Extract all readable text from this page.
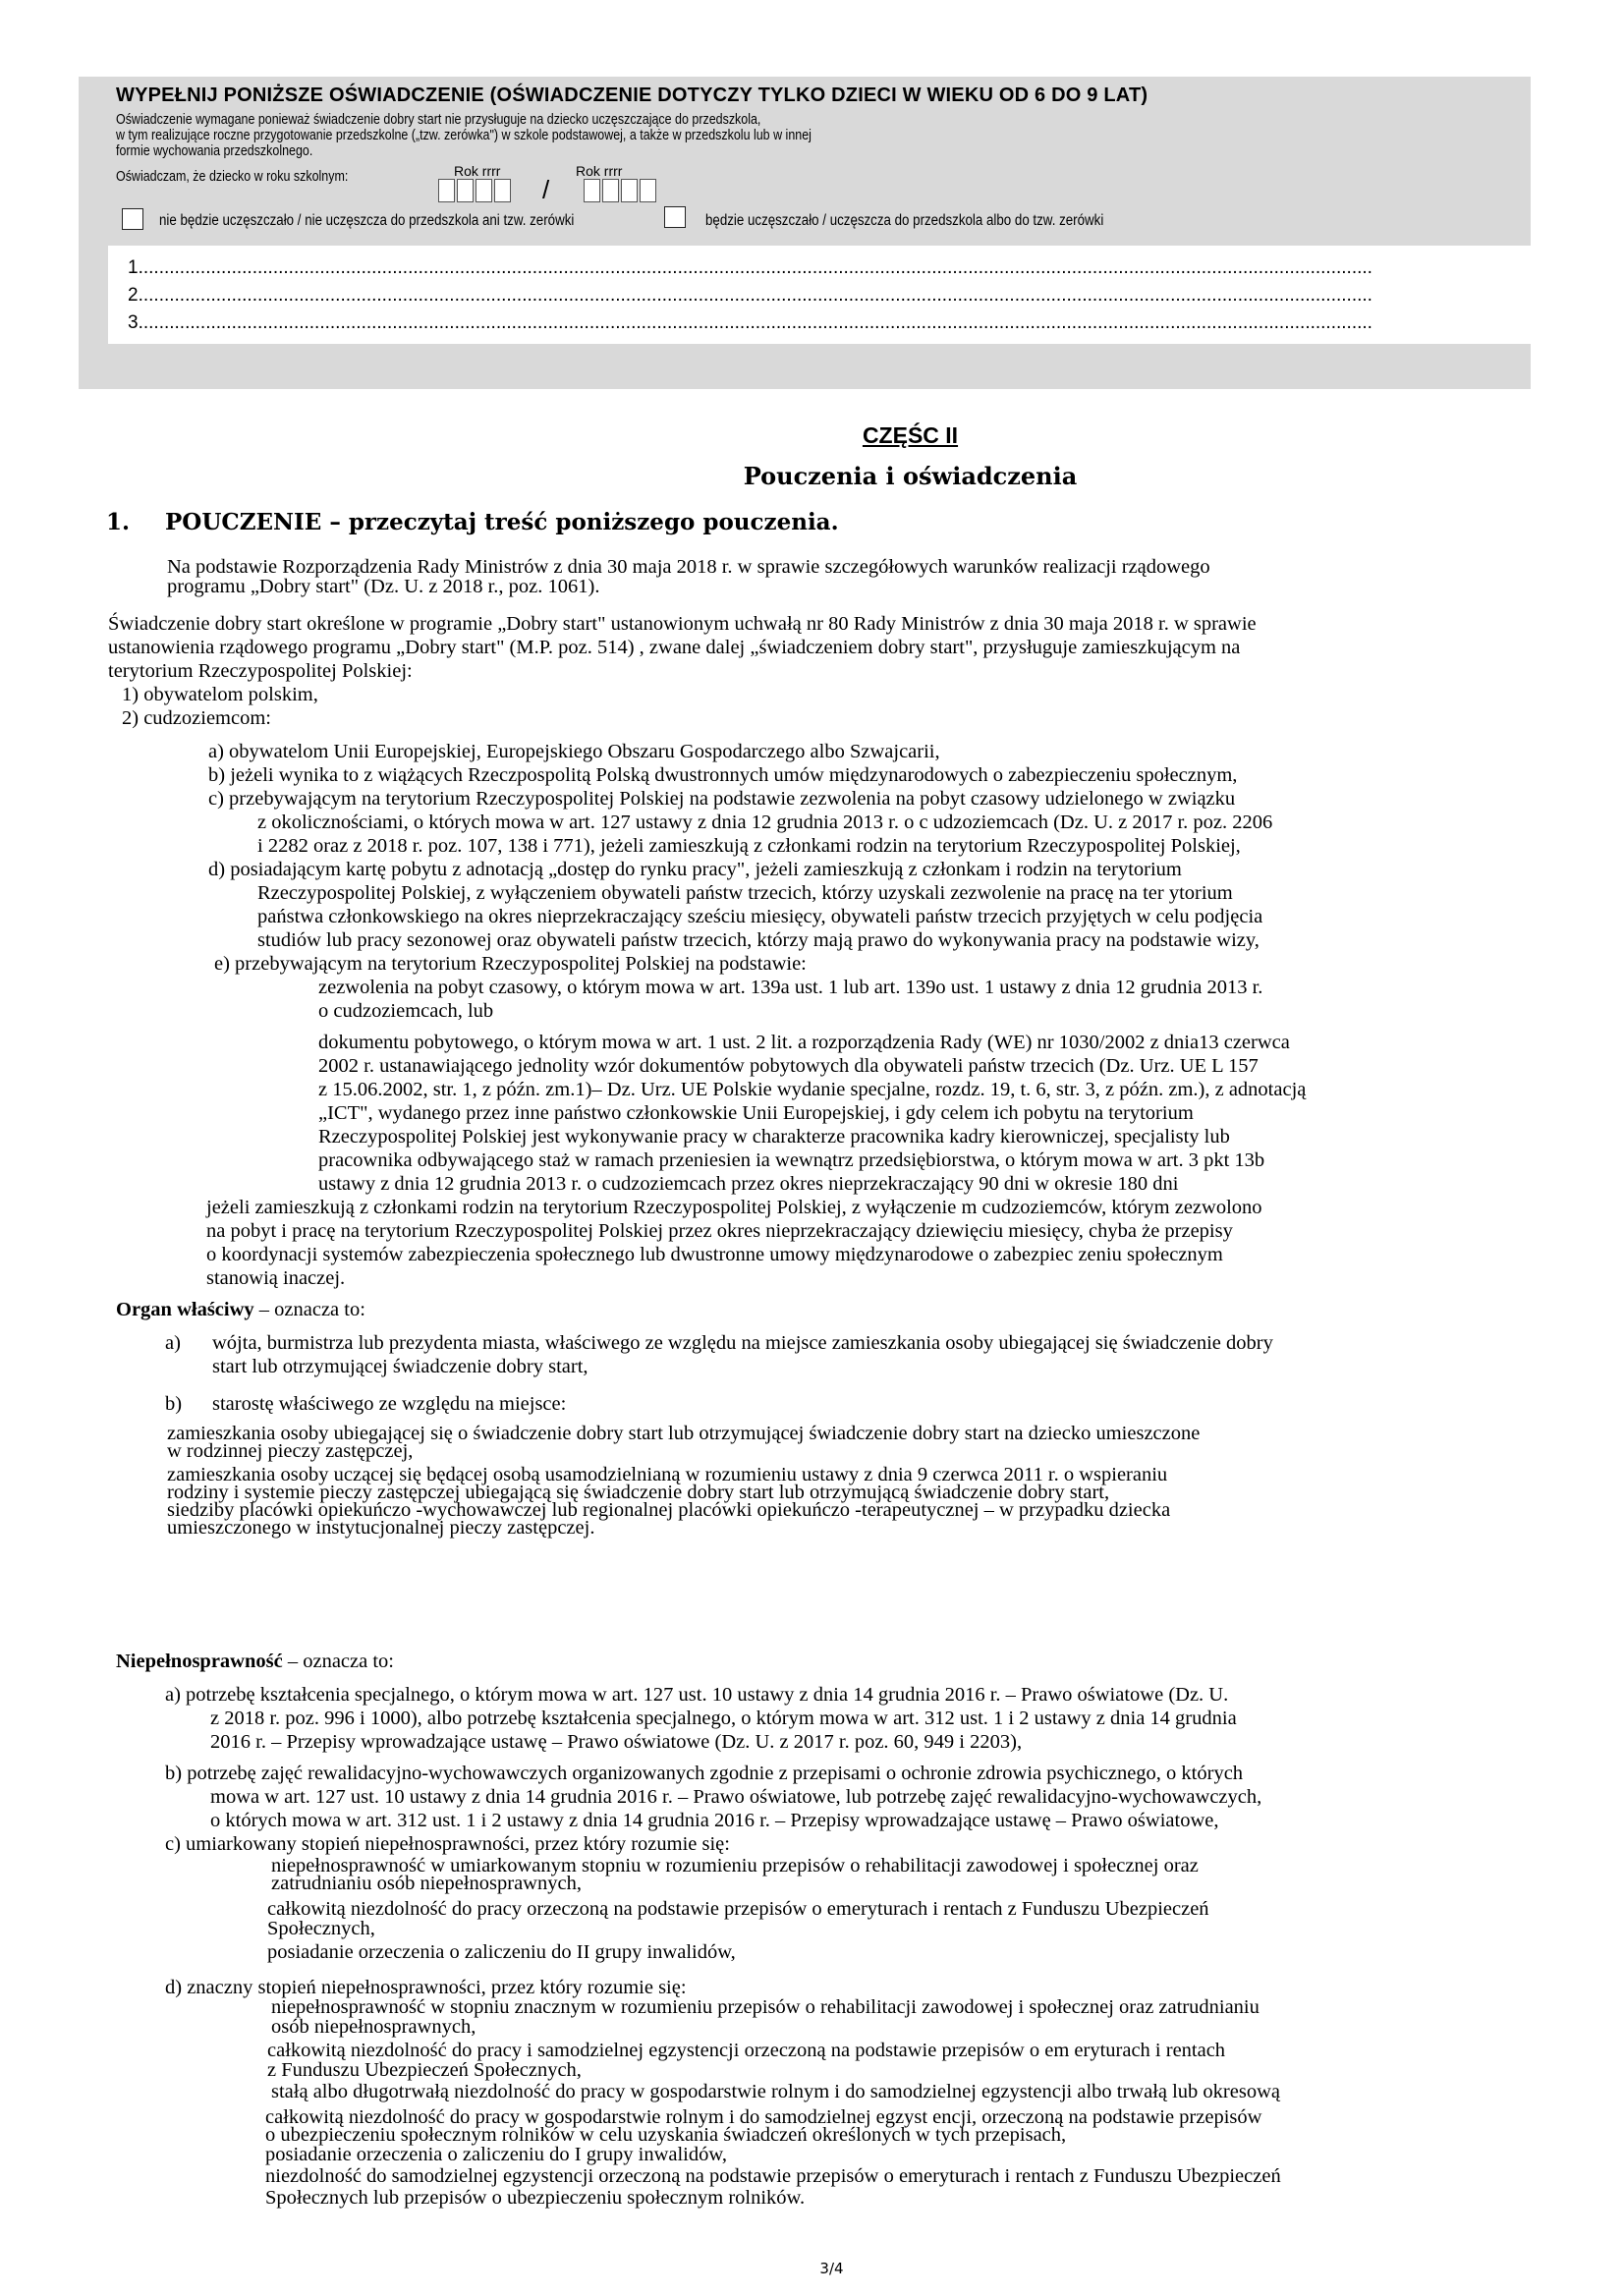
WYPEŁNIJ PONIŻSZE OŚWIADCZENIE (OŚWIADCZENIE DOTYCZY TYLKO DZIECI W WIEKU OD 6 DO 9 LAT)
Oświadczenie wymagane ponieważ świadczenie dobry start nie przysługuje na dziecko uczęszczające do przedszkola,
w tym realizujące roczne przygotowanie przedszkolne („tzw. zerówka") w szkole podstawowej, a także w przedszkolu lub w innej
formie wychowania przedszkolnego.
Oświadczam, że dziecko w roku szkolnym:	Rok rrrr
/
Rok rrrr
nie będzie uczęszczało / nie uczęszcza do przedszkola ani tzw. zerówki	będzie uczęszczało / uczęszcza do przedszkola albo do tzw. zerówki
1..............................................................................................................................................................................................................................................
2..............................................................................................................................................................................................................................................
3..............................................................................................................................................................................................................................................
CZĘŚC II
Pouczenia i oświadczenia
1. POUCZENIE – przeczytaj treść poniższego pouczenia.
Na podstawie Rozporządzenia Rady Ministrów z dnia 30 maja 2018 r. w sprawie szczegółowych warunków realizacji rządowego
programu „Dobry start" (Dz. U. z 2018 r., poz. 1061).
Świadczenie dobry start określone w programie „Dobry start" ustanowionym uchwałą nr 80 Rady Ministrów z dnia 30 maja 2018 r. w sprawie
ustanowienia rządowego programu „Dobry start" (M.P. poz. 514) , zwane dalej „świadczeniem dobry start", przysługuje zamieszkującym na
terytorium Rzeczypospolitej Polskiej:
1) obywatelom polskim,
2) cudzoziemcom:
a) obywatelom Unii Europejskiej, Europejskiego Obszaru Gospodarczego albo Szwajcarii,
b) jeżeli wynika to z wiążących Rzeczpospolitą Polską dwustronnych umów międzynarodowych o zabezpieczeniu społecznym,
c) przebywającym na terytorium Rzeczypospolitej Polskiej na podstawie zezwolenia na pobyt czasowy udzielonego w związku
z okolicznościami, o których mowa w art. 127 ustawy z dnia 12 grudnia 2013 r. o c udzoziemcach (Dz. U. z 2017 r. poz. 2206
i 2282 oraz z 2018 r. poz. 107, 138 i 771), jeżeli zamieszkują z członkami rodzin na terytorium Rzeczypospolitej Polskiej,
d) posiadającym kartę pobytu z adnotacją „dostęp do rynku pracy", jeżeli zamieszkują z członkam i rodzin na terytorium
Rzeczypospolitej Polskiej, z wyłączeniem obywateli państw trzecich, którzy uzyskali zezwolenie na pracę na ter ytorium
państwa członkowskiego na okres nieprzekraczający sześciu miesięcy, obywateli państw trzecich przyjętych w celu podjęcia
studiów lub pracy sezonowej oraz obywateli państw trzecich, którzy mają prawo do wykonywania pracy na podstawie wizy,
e) przebywającym na terytorium Rzeczypospolitej Polskiej na podstawie:
zezwolenia na pobyt czasowy, o którym mowa w art. 139a ust. 1 lub art. 139o ust. 1 ustawy z dnia 12 grudnia 2013 r.
o cudzoziemcach, lub
dokumentu pobytowego, o którym mowa w art. 1 ust. 2 lit. a rozporządzenia Rady (WE) nr 1030/2002 z dnia13 czerwca
2002 r. ustanawiającego jednolity wzór dokumentów pobytowych dla obywateli państw trzecich (Dz. Urz. UE L 157
z 15.06.2002, str. 1, z późn. zm.1)– Dz. Urz. UE Polskie wydanie specjalne, rozdz. 19, t. 6, str. 3, z późn. zm.), z adnotacją
„ICT", wydanego przez inne państwo członkowskie Unii Europejskiej, i gdy celem ich pobytu na terytorium
Rzeczypospolitej Polskiej jest wykonywanie pracy w charakterze pracownika kadry kierowniczej, specjalisty lub
pracownika odbywającego staż w ramach przeniesien ia wewnątrz przedsiębiorstwa, o którym mowa w art. 3 pkt 13b
ustawy z dnia 12 grudnia 2013 r. o cudzoziemcach przez okres nieprzekraczający 90 dni w okresie 180 dni
jeżeli zamieszkują z członkami rodzin na terytorium Rzeczypospolitej Polskiej, z wyłączenie m cudzoziemców, którym zezwolono
na pobyt i pracę na terytorium Rzeczypospolitej Polskiej przez okres nieprzekraczający dziewięciu miesięcy, chyba że przepisy
o koordynacji systemów zabezpieczenia społecznego lub dwustronne umowy międzynarodowe o zabezpiec zeniu społecznym
stanowią inaczej.
zamieszkania osoby ubiegającej się o świadczenie dobry start lub otrzymującej świadczenie dobry start na dziecko umieszczone
w rodzinnej pieczy zastępczej,
zamieszkania osoby uczącej się będącej osobą usamodzielnianą w rozumieniu ustawy z dnia 9 czerwca 2011 r. o wspieraniu
rodziny i systemie pieczy zastępczej ubiegającą się świadczenie dobry start lub otrzymującą świadczenie dobry start,
siedziby placówki opiekuńczo -wychowawczej lub regionalnej placówki opiekuńczo -terapeutycznej – w przypadku dziecka
umieszczonego w instytucjonalnej pieczy zastępczej.
a) potrzebę kształcenia specjalnego, o którym mowa w art. 127 ust. 10 ustawy z dnia 14 grudnia 2016 r. – Prawo oświatowe (Dz. U.
z 2018 r. poz. 996 i 1000), albo potrzebę kształcenia specjalnego, o którym mowa w art. 312 ust. 1 i 2 ustawy z dnia 14 grudnia
2016 r. – Przepisy wprowadzające ustawę – Prawo oświatowe (Dz. U. z 2017 r. poz. 60, 949 i 2203),
b) potrzebę zajęć rewalidacyjno-wychowawczych organizowanych zgodnie z przepisami o ochronie zdrowia psychicznego, o których
mowa w art. 127 ust. 10 ustawy z dnia 14 grudnia 2016 r. – Prawo oświatowe, lub potrzebę zajęć rewalidacyjno-wychowawczych,
o których mowa w art. 312 ust. 1 i 2 ustawy z dnia 14 grudnia 2016 r. – Przepisy wprowadzające ustawę – Prawo oświatowe,
c) umiarkowany stopień niepełnosprawności, przez który rozumie się:
niepełnosprawność w umiarkowanym stopniu w rozumieniu przepisów o rehabilitacji zawodowej i społecznej oraz
zatrudnianiu osób niepełnosprawnych,
całkowitą niezdolność do pracy orzeczoną na podstawie przepisów o emeryturach i rentach z Funduszu Ubezpieczeń
Społecznych,
posiadanie orzeczenia o zaliczeniu do II grupy inwalidów,
d) znaczny stopień niepełnosprawności, przez który rozumie się:
niepełnosprawność w stopniu znacznym w rozumieniu przepisów o rehabilitacji zawodowej i społecznej oraz zatrudnianiu
osób niepełnosprawnych,
całkowitą niezdolność do pracy i samodzielnej egzystencji orzeczoną na podstawie przepisów o em eryturach i rentach
z Funduszu Ubezpieczeń Społecznych,
stałą albo długotrwałą niezdolność do pracy w gospodarstwie rolnym i do samodzielnej egzystencji albo trwałą lub okresową
całkowitą niezdolność do pracy w gospodarstwie rolnym i do samodzielnej egzyst encji, orzeczoną na podstawie przepisów
o ubezpieczeniu społecznym rolników w celu uzyskania świadczeń określonych w tych przepisach,
posiadanie orzeczenia o zaliczeniu do I grupy inwalidów,
niezdolność do samodzielnej egzystencji orzeczoną na podstawie przepisów o emeryturach i rentach z Funduszu Ubezpieczeń
Społecznych lub przepisów o ubezpieczeniu społecznym rolników.
Organ właściwy – oznacza to:
a) wójta, burmistrza lub prezydenta miasta, właściwego ze względu na miejsce zamieszkania osoby ubiegającej się świadczenie dobry
start lub otrzymującej świadczenie dobry start,
b) starostę właściwego ze względu na miejsce:
Niepełnosprawność – oznacza to:
3/4
